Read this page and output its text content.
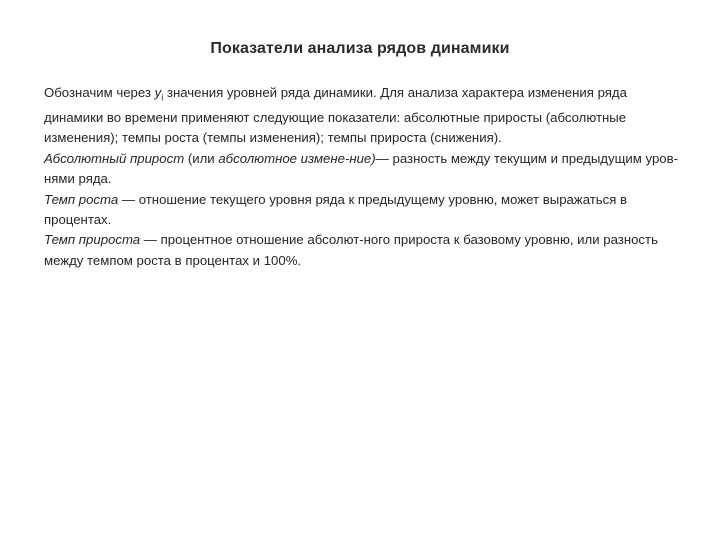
Показатели анализа рядов динамики

Обозначим через $y_i$ значения уровней ряда динамики. Для анализа характера изменения ряда динамики во времени применяют следующие показатели: абсолютные приросты (абсолютные изменения); темпы роста (темпы изменения); темпы прироста (снижения).

Абсолютный прирост (или абсолютное измене-ние)— разность между текущим и предыдущим уров-нями ряда.

Темп роста — отношение текущего уровня ряда к предыдущему уровню, может выражаться в процентах.

Темп прироста — процентное отношение абсолют-ного прироста к базовому уровню, или разность между темпом роста в процентах и 100%.
